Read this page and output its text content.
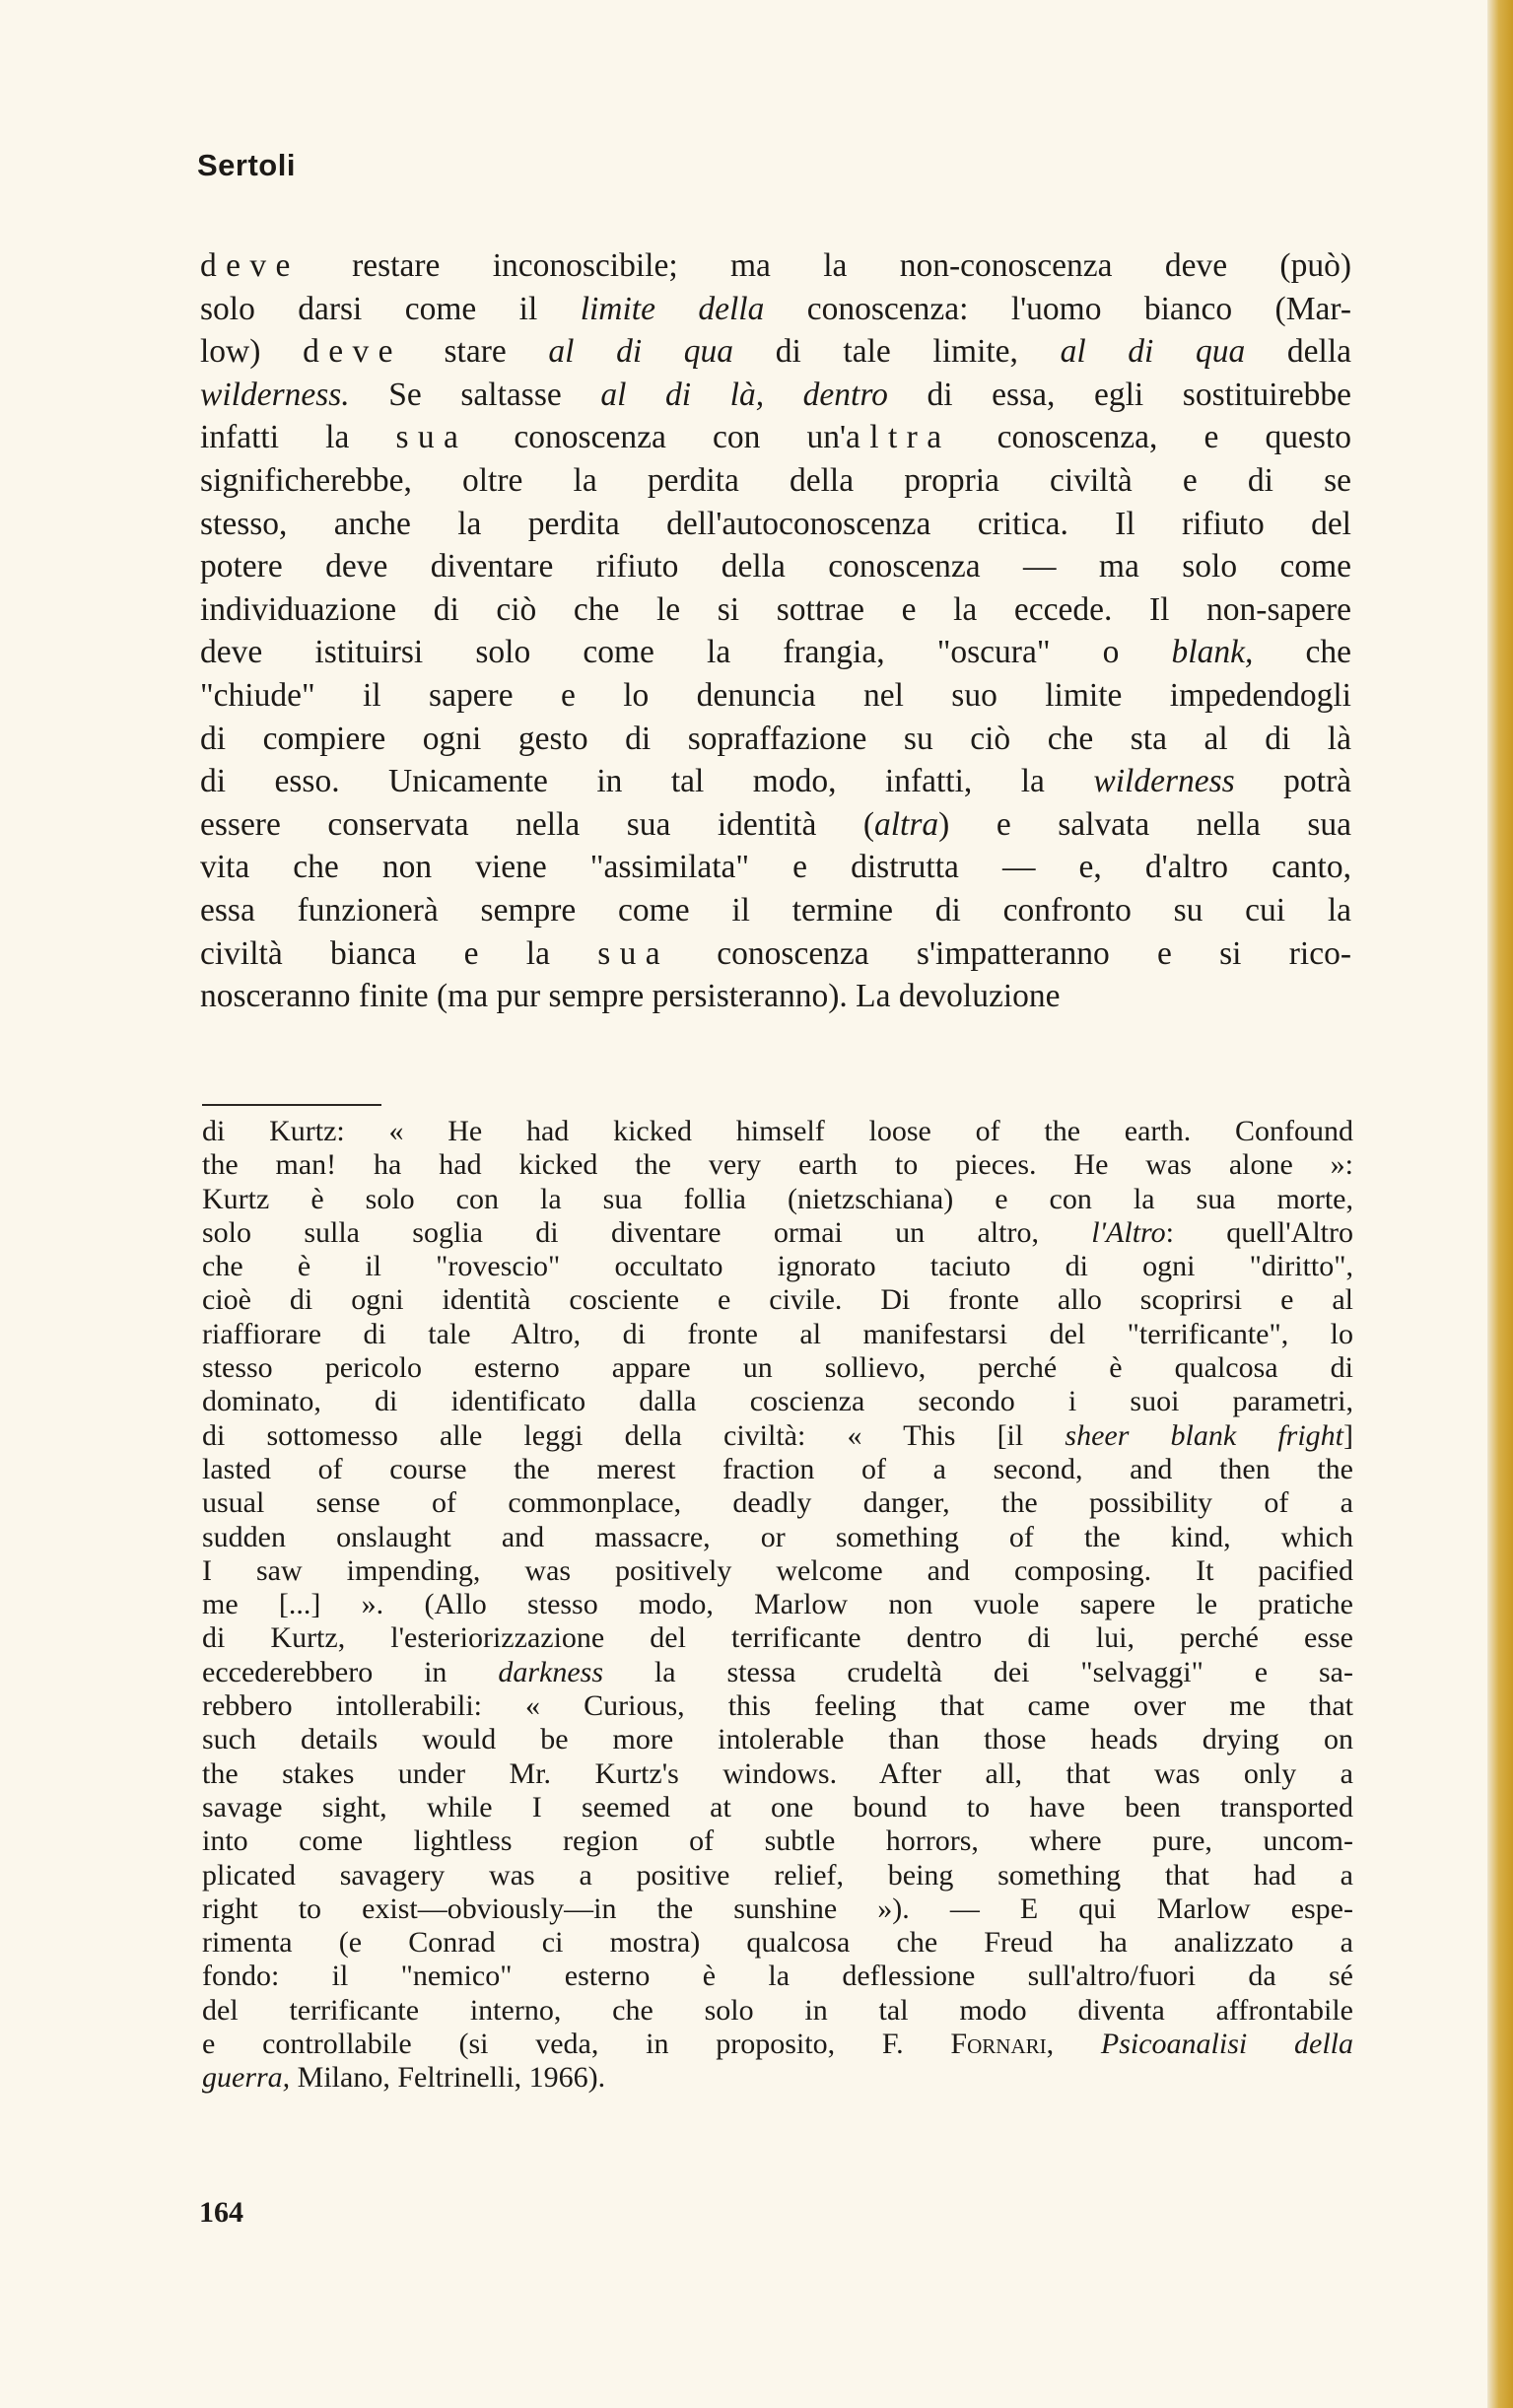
Sertoli
deve restare inconoscibile; ma la non-conoscenza deve (può)
solo darsi come il limite della conoscenza: l'uomo bianco (Mar-
low) deve stare al di qua di tale limite, al di qua della
wilderness. Se saltasse al di là, dentro di essa, egli sostituirebbe
infatti la sua conoscenza con un'altra conoscenza, e questo
significherebbe, oltre la perdita della propria civiltà e di se
stesso, anche la perdita dell'autoconoscenza critica. Il rifiuto del
potere deve diventare rifiuto della conoscenza — ma solo come
individuazione di ciò che le si sottrae e la eccede. Il non-sapere
deve istituirsi solo come la frangia, "oscura" o blank, che
"chiude" il sapere e lo denuncia nel suo limite impedendogli
di compiere ogni gesto di sopraffazione su ciò che sta al di là
di esso. Unicamente in tal modo, infatti, la wilderness potrà
essere conservata nella sua identità (altra) e salvata nella sua
vita che non viene "assimilata" e distrutta — e, d'altro canto,
essa funzionerà sempre come il termine di confronto su cui la
civiltà bianca e la sua conoscenza s'impatteranno e si rico-
nosceranno finite (ma pur sempre persisteranno). La devoluzione
di Kurtz: « He had kicked himself loose of the earth. Confound
the man! ha had kicked the very earth to pieces. He was alone »:
Kurtz è solo con la sua follia (nietzschiana) e con la sua morte,
solo sulla soglia di diventare ormai un altro, l'Altro: quell'Altro
che è il "rovescio" occultato ignorato taciuto di ogni "diritto",
cioè di ogni identità cosciente e civile. Di fronte allo scoprirsi e al
riaffiorare di tale Altro, di fronte al manifestarsi del "terrificante", lo
stesso pericolo esterno appare un sollievo, perché è qualcosa di
dominato, di identificato dalla coscienza secondo i suoi parametri,
di sottomesso alle leggi della civiltà: « This [il sheer blank fright]
lasted of course the merest fraction of a second, and then the
usual sense of commonplace, deadly danger, the possibility of a
sudden onslaught and massacre, or something of the kind, which
I saw impending, was positively welcome and composing. It pacified
me [...] ». (Allo stesso modo, Marlow non vuole sapere le pratiche
di Kurtz, l'esteriorizzazione del terrificante dentro di lui, perché esse
eccederebbero in darkness la stessa crudeltà dei "selvaggi" e sa-
rebbero intollerabili: « Curious, this feeling that came over me that
such details would be more intolerable than those heads drying on
the stakes under Mr. Kurtz's windows. After all, that was only a
savage sight, while I seemed at one bound to have been transported
into come lightless region of subtle horrors, where pure, uncom-
plicated savagery was a positive relief, being something that had a
right to exist—obviously—in the sunshine »). — E qui Marlow espe-
rimenta (e Conrad ci mostra) qualcosa che Freud ha analizzato a
fondo: il "nemico" esterno è la deflessione sull'altro/fuori da sé
del terrificante interno, che solo in tal modo diventa affrontabile
e controllabile (si veda, in proposito, F. Fornari, Psicoanalisi della
guerra, Milano, Feltrinelli, 1966).
164
